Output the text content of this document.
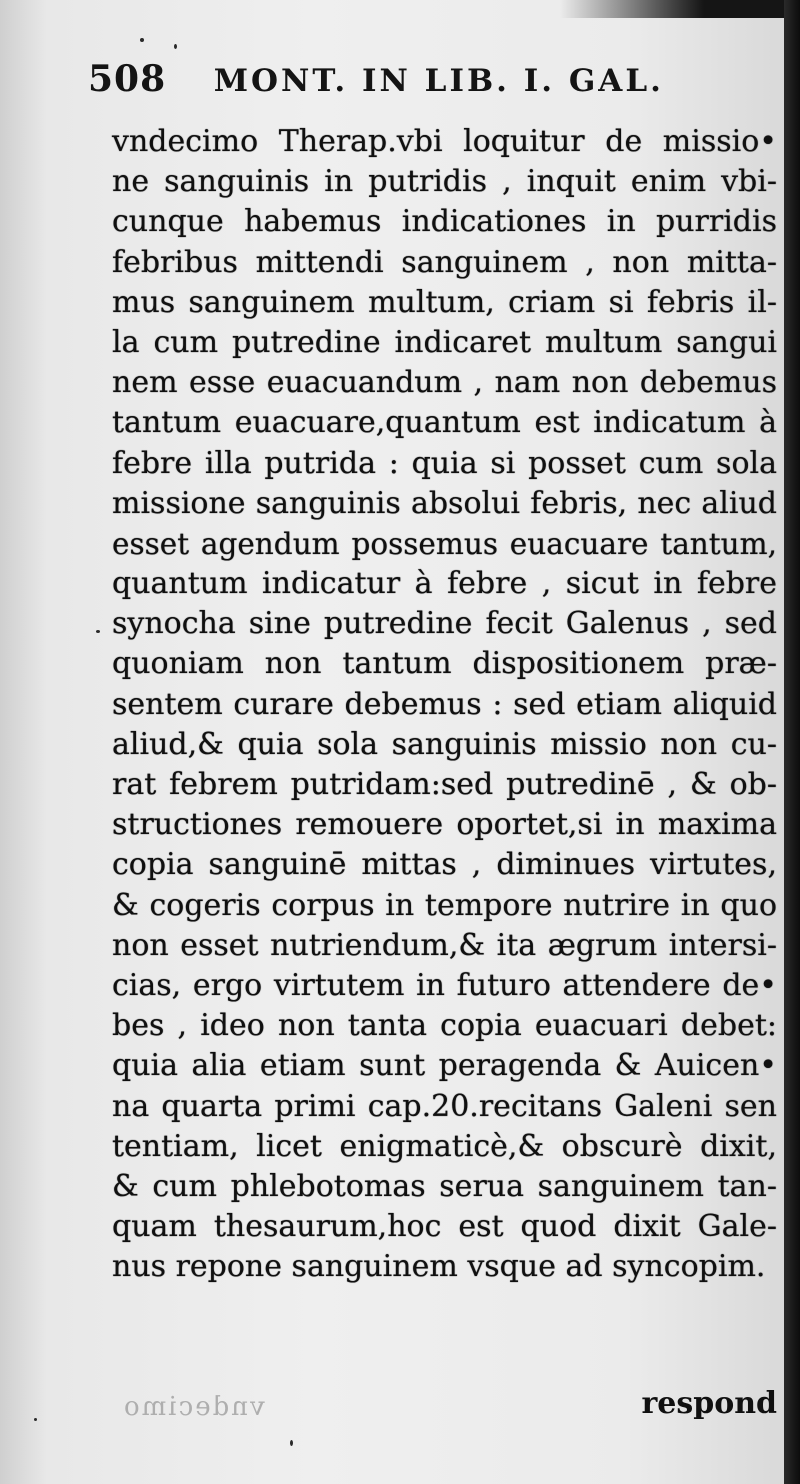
508 MONT. IN LIB. I. GAL.
vndecimo Therap.vbi loquitur de missio•
ne sanguinis in putridis , inquit enim vbi-
cunque habemus indicationes in purridis
febribus mittendi sanguinem , non mitta-
mus sanguinem multum, criam si febris il-
la cum putredine indicaret multum sangui
nem esse euacuandum , nam non debemus
tantum euacuare,quantum est indicatum à
febre illa putrida : quia si posset cum sola
missione sanguinis absolui febris, nec aliud
esset agendum possemus euacuare tantum,
quantum indicatur à febre , sicut in febre
synocha sine putredine fecit Galenus , sed
quoniam non tantum dispositionem præ-
sentem curare debemus : sed etiam aliquid
aliud,& quia sola sanguinis missio non cu-
rat febrem putridam:sed putredinē , & ob-
structiones remouere oportet,si in maxima
copia sanguinē mittas , diminues virtutes,
& cogeris corpus in tempore nutrire in quo
non esset nutriendum,& ita ægrum intersi-
cias, ergo virtutem in futuro attendere de•
bes , ideo non tanta copia euacuari debet:
quia alia etiam sunt peragenda & Auicen•
na quarta primi cap.20.recitans Galeni sen
tentiam, licet enigmaticè,& obscurè dixit,
& cum phlebotomas serua sanguinem tan-
quam thesaurum,hoc est quod dixit Gale-
nus repone sanguinem vsque ad syncopim.
vndecimo	respond
